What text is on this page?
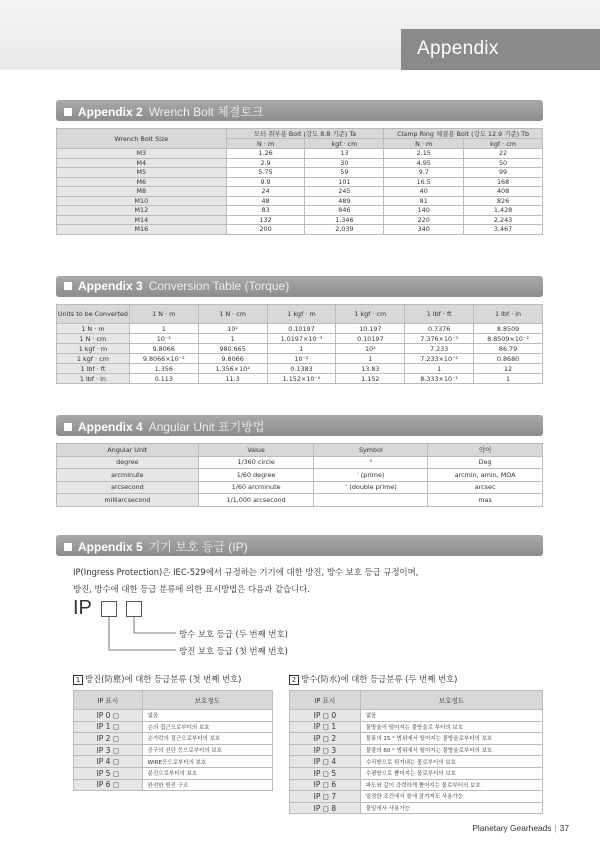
Appendix
Appendix 2 Wrench Bolt 체결토크
Wrench Bolt Size	모터 취부용 Bolt (강도 8.8 기준) Ta		Clamp Ring 체결용 Bolt (강도 12.9 기준) Tb	
	N · m	kgf · cm	N · m	kgf · cm
M3	1.26	13	2.15	22
M4	2.9	30	4.95	50
M5	5.75	59	9.7	99
M6	9.9	101	16.5	168
M8	24	245	40	408
M10	48	489	81	826
M12	83	846	140	1,428
M14	132	1,346	220	2,243
M16	200	2,039	340	3,467
Appendix 3 Conversion Table (Torque)
Units to be Converted	1 N · m	1 N · cm	1 kgf · m	1 kgf · cm	1 lbf · ft	1 lbf · in
1 N · m	1	10²	0.10197	10.197	0.7376	8.8509
1 N · cm	10⁻²	1	1.0197×10⁻³	0.10197	7.376×10⁻³	8.8509×10⁻²
1 kgf · m	9.8066	980.665	1	10²	7.233	86.79
1 kgf · cm	9.8066×10⁻²	9.8066	10⁻²	1	7.233×10⁻²	0.8680
1 lbf · ft	1.356	1.356×10²	0.1383	13.83	1	12
1 lbf · in	0.113	11.3	1.152×10⁻²	1.152	8.333×10⁻²	1
Appendix 4 Angular Unit 표기방법
Angular Unit	Value	Symbol	약어
degree	1/360 circle	°	Deg
arcminute	1/60 degree	′ (prime)	arcmin, amin, MOA
arcsecond	1/60 arcminute	″ (double prime)	arcsec
milliarcsecond	1/1,000 arcsecond		mas
Appendix 5 기기 보호 등급 (IP)
IP(Ingress Protection)은 IEC-529에서 규정하는 기기에 대한 방진, 방수 보호 등급 규정이며,
방진, 방수에 대한 등급 분류에 의한 표시방법은 다음과 같습니다.
IP
방수 보호 등급 (두 번째 번호)
방진 보호 등급 (첫 번째 번호)
1 방진(防塵)에 대한 등급분류 (첫 번째 번호)
IP 표시	보호정도
IP 0 ◻	없음
IP 1 ◻	손의 접근으로부터의 보호
IP 2 ◻	손가락의 접근으로부터의 보호
IP 3 ◻	공구의 선단 등으로부터의 보호
IP 4 ◻	WIRE등으로부터의 보호
IP 5 ◻	분진으로부터의 보호
IP 6 ◻	완전한 방진 구조
2 방수(防水)에 대한 등급분류 (두 번째 번호)
IP 표시	보호정도
IP ◻ 0	없음
IP ◻ 1	물방울이 떨어지는 물방울로 부터의 보호
IP ◻ 2	물통의 15 ° 범위에서 떨어지는 물방울로부터의 보호
IP ◻ 3	물줄의 60 ° 범위에서 떨어지는 물방울로부터의 보호
IP ◻ 4	수직방으로 튀겨내는 물로부터의 보호
IP ◻ 5	수평방으로 뿜어지는 물로부터의 보호
IP ◻ 6	파도와 같이 강력하게 뿜어지는 물로부터의 보호
IP ◻ 7	일정한 조건에서 물에 잠겨져도 사용가능
IP ◻ 8	물밑에서 사용가능
Planetary Gearheads | 37
